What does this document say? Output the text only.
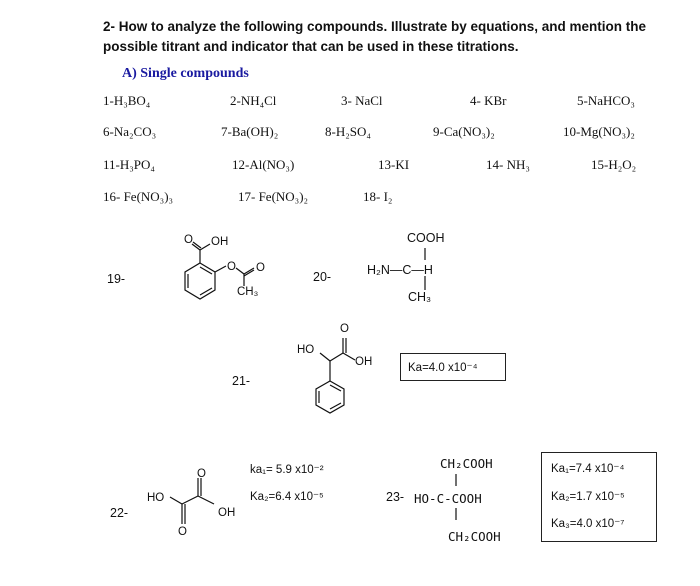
2- How to analyze the following compounds. Illustrate by equations, and mention the
possible titrant and indicator that can be used in these titrations.
A) Single compounds
1-H₃BO₄	2-NH₄Cl	3- NaCl	4- KBr	5-NaHCO₃
6-Na₂CO₃	7-Ba(OH)₂	8-H₂SO₄	9-Ca(NO₃)₂	10-Mg(NO₃)₂
11-H₃PO₄	12-Al(NO₃)	13-KI	14- NH₃	15-H₂O₂
16- Fe(NO₃)₃	17- Fe(NO₃)₂	18- I₂
19-
O OH
O O
CH₃
20-
COOH
H₂N—C—H
CH₃
21-
HO
O
OH	Ka=4.0 x10⁻⁴
22-
HO
O
OH
O
ka₁= 5.9 x10⁻²
Ka₂=6.4 x10⁻⁵	23-
CH₂COOH
HO-C-COOH
CH₂COOH
Ka₁=7.4 x10⁻⁴
Ka₂=1.7 x10⁻⁵
Ka₃=4.0 x10⁻⁷
